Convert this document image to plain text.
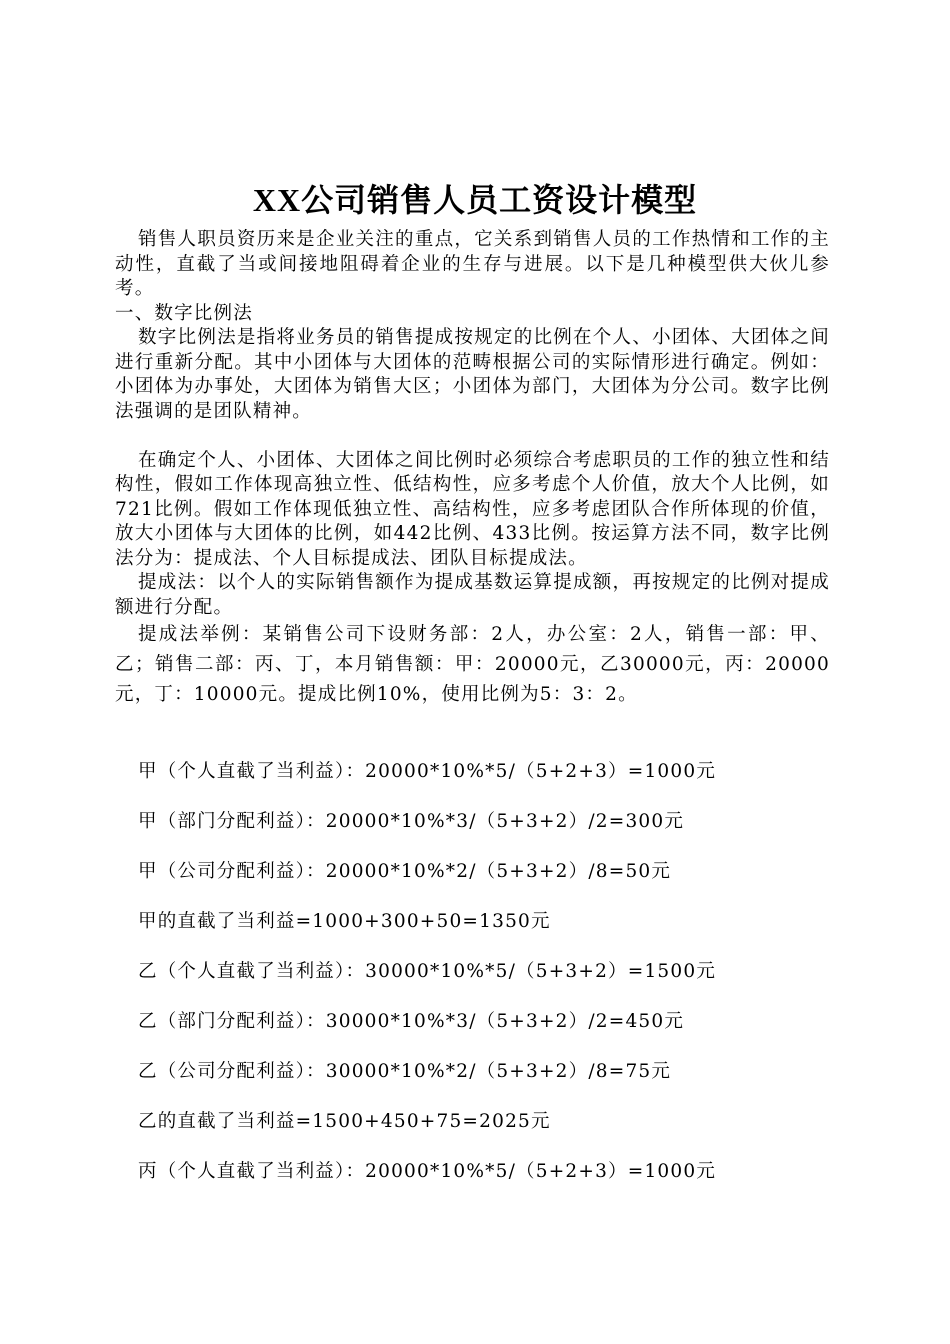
XX公司销售人员工资设计模型

销售人职员资历来是企业关注的重点，它关系到销售人员的工作热情和工作的主动性，直截了当或间接地阻碍着企业的生存与进展。以下是几种模型供大伙儿参考。

一、数字比例法

数字比例法是指将业务员的销售提成按规定的比例在个人、小团体、大团体之间进行重新分配。其中小团体与大团体的范畴根据公司的实际情形进行确定。例如：小团体为办事处，大团体为销售大区；小团体为部门，大团体为分公司。数字比例法强调的是团队精神。

在确定个人、小团体、大团体之间比例时必须综合考虑职员的工作的独立性和结构性，假如工作体现高独立性、低结构性，应多考虑个人价值，放大个人比例，如721比例。假如工作体现低独立性、高结构性，应多考虑团队合作所体现的价值，放大小团体与大团体的比例，如442比例、433比例。按运算方法不同，数字比例法分为：提成法、个人目标提成法、团队目标提成法。

提成法：以个人的实际销售额作为提成基数运算提成额，再按规定的比例对提成额进行分配。

提成法举例：某销售公司下设财务部：2人，办公室：2人，销售一部：甲、乙；销售二部：丙、丁，本月销售额：甲：20000元，乙30000元，丙：20000元，丁：10000元。提成比例10%，使用比例为5：3：2。

甲（个人直截了当利益）：20000*10%*5/（5+2+3）=1000元
甲（部门分配利益）：20000*10%*3/（5+3+2）/2=300元
甲（公司分配利益）：20000*10%*2/（5+3+2）/8=50元
甲的直截了当利益=1000+300+50=1350元
乙（个人直截了当利益）：30000*10%*5/（5+3+2）=1500元
乙（部门分配利益）：30000*10%*3/（5+3+2）/2=450元
乙（公司分配利益）：30000*10%*2/（5+3+2）/8=75元
乙的直截了当利益=1500+450+75=2025元
丙（个人直截了当利益）：20000*10%*5/（5+2+3）=1000元
